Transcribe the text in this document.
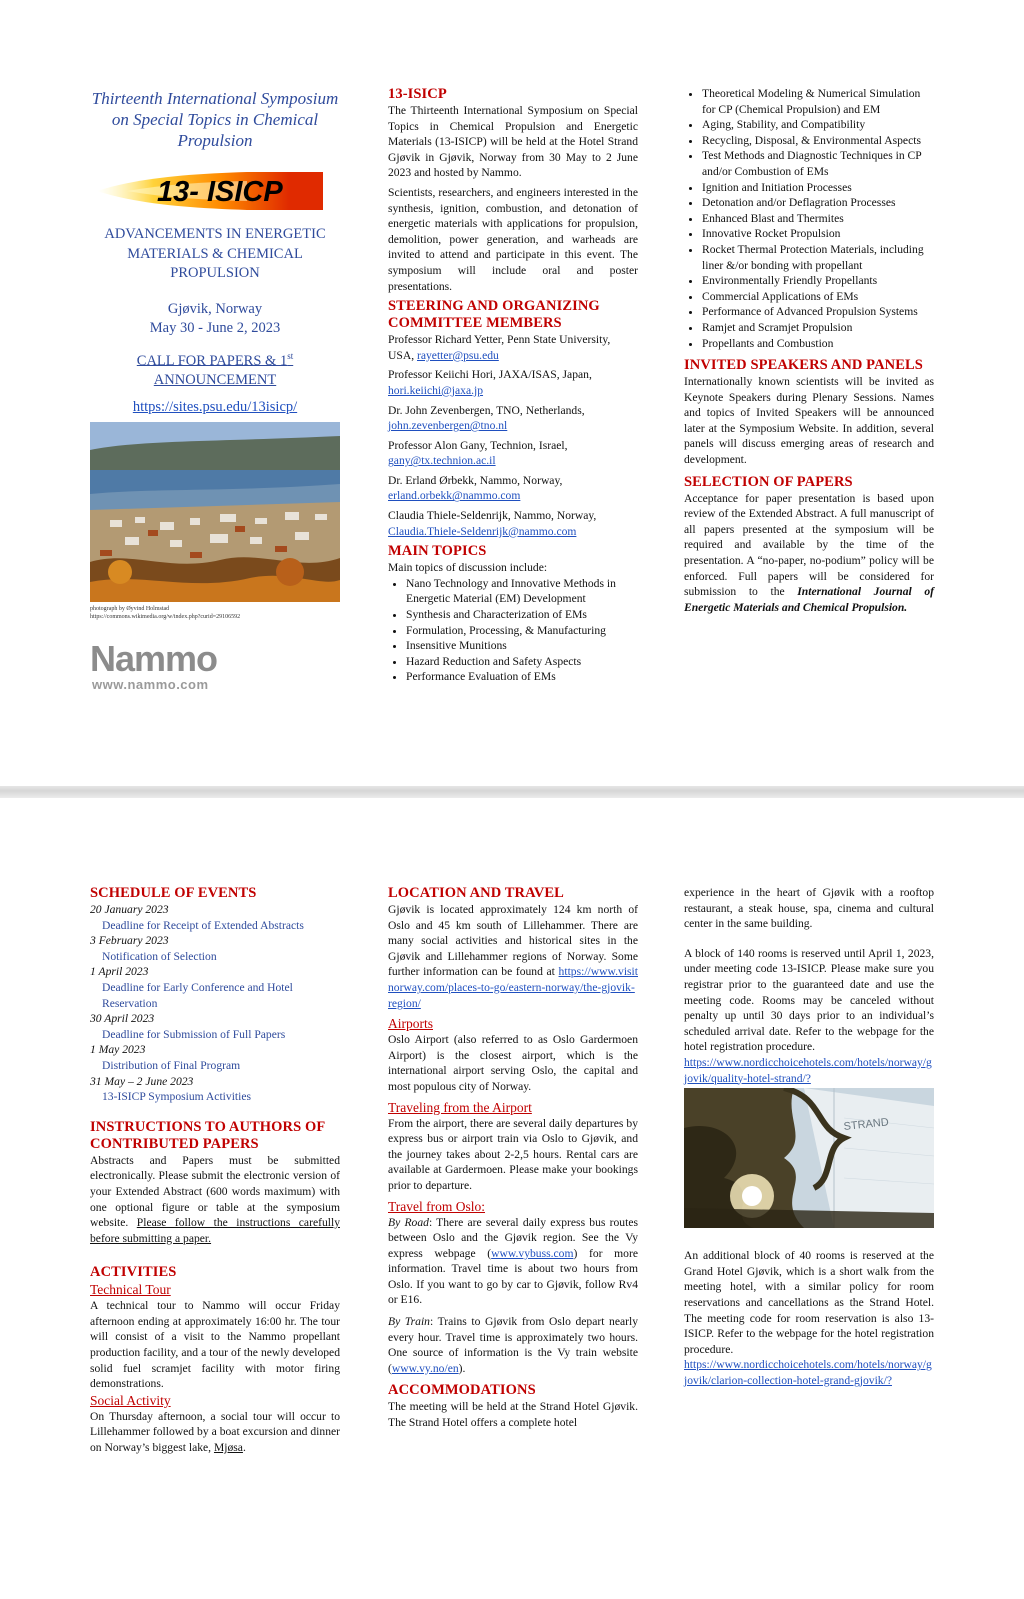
Thirteenth International Symposium on Special Topics in Chemical Propulsion
13- ISICP
ADVANCEMENTS IN ENERGETIC MATERIALS & CHEMICAL PROPULSION
Gjøvik, Norway
May 30 - June 2, 2023
CALL FOR PAPERS & 1st
ANNOUNCEMENT
https://sites.psu.edu/13isicp/
photograph by Øyvind Holmstad
https://commons.wikimedia.org/w/index.php?curid=29106592
Nammo
www.nammo.com
13-ISICP

The Thirteenth International Symposium on Special Topics in Chemical Propulsion and Energetic Materials (13-ISICP) will be held at the Hotel Strand Gjøvik in Gjøvik, Norway from 30 May to 2 June 2023 and hosted by Nammo.

Scientists, researchers, and engineers interested in the synthesis, ignition, combustion, and detonation of energetic materials with applications for propulsion, demolition, power generation, and warheads are invited to attend and participate in this event. The symposium will include oral and poster presentations.

STEERING AND ORGANIZING COMMITTEE MEMBERS

Professor Richard Yetter, Penn State University, USA, rayetter@psu.edu

Professor Keiichi Hori, JAXA/ISAS, Japan, hori.keiichi@jaxa.jp

Dr. John Zevenbergen, TNO, Netherlands, john.zevenbergen@tno.nl

Professor Alon Gany, Technion, Israel, gany@tx.technion.ac.il

Dr. Erland Ørbekk, Nammo, Norway, erland.orbekk@nammo.com

Claudia Thiele-Seldenrijk, Nammo, Norway, Claudia.Thiele-Seldenrijk@nammo.com

MAIN TOPICS
Main topics of discussion include:
• Nano Technology and Innovative Methods in Energetic Material (EM) Development
• Synthesis and Characterization of EMs
• Formulation, Processing, & Manufacturing
• Insensitive Munitions
• Hazard Reduction and Safety Aspects
• Performance Evaluation of EMs
• Theoretical Modeling & Numerical Simulation for CP (Chemical Propulsion) and EM
• Aging, Stability, and Compatibility
• Recycling, Disposal, & Environmental Aspects
• Test Methods and Diagnostic Techniques in CP and/or Combustion of EMs
• Ignition and Initiation Processes
• Detonation and/or Deflagration Processes
• Enhanced Blast and Thermites
• Innovative Rocket Propulsion
• Rocket Thermal Protection Materials, including liner &/or bonding with propellant
• Environmentally Friendly Propellants
• Commercial Applications of EMs
• Performance of Advanced Propulsion Systems
• Ramjet and Scramjet Propulsion
• Propellants and Combustion
INVITED SPEAKERS AND PANELS

Internationally known scientists will be invited as Keynote Speakers during Plenary Sessions. Names and topics of Invited Speakers will be announced later at the Symposium Website. In addition, several panels will discuss emerging areas of research and development.

SELECTION OF PAPERS

Acceptance for paper presentation is based upon review of the Extended Abstract. A full manuscript of all papers presented at the symposium will be required and available by the time of the presentation. A “no-paper, no-podium” policy will be enforced. Full papers will be considered for submission to the International Journal of Energetic Materials and Chemical Propulsion.

SCHEDULE OF EVENTS
20 January 2023
Deadline for Receipt of Extended Abstracts
3 February 2023
Notification of Selection
1 April 2023
Deadline for Early Conference and Hotel Reservation
30 April 2023
Deadline for Submission of Full Papers
1 May 2023
Distribution of Final Program
31 May – 2 June 2023
13-ISICP Symposium Activities
INSTRUCTIONS TO AUTHORS OF CONTRIBUTED PAPERS

Abstracts and Papers must be submitted electronically. Please submit the electronic version of your Extended Abstract (600 words maximum) with one optional figure or table at the symposium website. Please follow the instructions carefully before submitting a paper.

ACTIVITIES
Technical Tour

A technical tour to Nammo will occur Friday afternoon ending at approximately 16:00 hr. The tour will consist of a visit to the Nammo propellant production facility, and a tour of the newly developed solid fuel scramjet facility with motor firing demonstrations.

Social Activity

On Thursday afternoon, a social tour will occur to Lillehammer followed by a boat excursion and dinner on Norway’s biggest lake, Mjøsa.

LOCATION AND TRAVEL

Gjøvik is located approximately 124 km north of Oslo and 45 km south of Lillehammer. There are many social activities and historical sites in the Gjøvik and Lillehammer regions of Norway. Some further information can be found at https://www.visitnorway.com/places-to-go/eastern-norway/the-gjovik-region/

Airports

Oslo Airport (also referred to as Oslo Gardermoen Airport) is the closest airport, which is the international airport serving Oslo, the capital and most populous city of Norway.

Traveling from the Airport

From the airport, there are several daily departures by express bus or airport train via Oslo to Gjøvik, and the journey takes about 2-2,5 hours. Rental cars are available at Gardermoen. Please make your bookings prior to departure.

Travel from Oslo:

By Road: There are several daily express bus routes between Oslo and the Gjøvik region. See the Vy express webpage (www.vybuss.com) for more information. Travel time is about two hours from Oslo. If you want to go by car to Gjøvik, follow Rv4 or E16.

By Train: Trains to Gjøvik from Oslo depart nearly every hour. Travel time is approximately two hours. One source of information is the Vy train website (www.vy.no/en).

ACCOMMODATIONS

The meeting will be held at the Strand Hotel Gjøvik. The Strand Hotel offers a complete hotel

experience in the heart of Gjøvik with a rooftop restaurant, a steak house, spa, cinema and cultural center in the same building.

A block of 140 rooms is reserved until April 1, 2023, under meeting code 13-ISICP. Please make sure you registrar prior to the guaranteed date and use the meeting code. Rooms may be canceled without penalty up until 30 days prior to an individual’s scheduled arrival date. Refer to the webpage for the hotel registration procedure.

https://www.nordicchoicehotels.com/hotels/norway/gjovik/quality-hotel-strand/?
STRAND

An additional block of 40 rooms is reserved at the Grand Hotel Gjøvik, which is a short walk from the meeting hotel, with a similar policy for room reservations and cancellations as the Strand Hotel. The meeting code for room reservation is also 13-ISICP. Refer to the webpage for the hotel registration procedure.

https://www.nordicchoicehotels.com/hotels/norway/gjovik/clarion-collection-hotel-grand-gjovik/?
